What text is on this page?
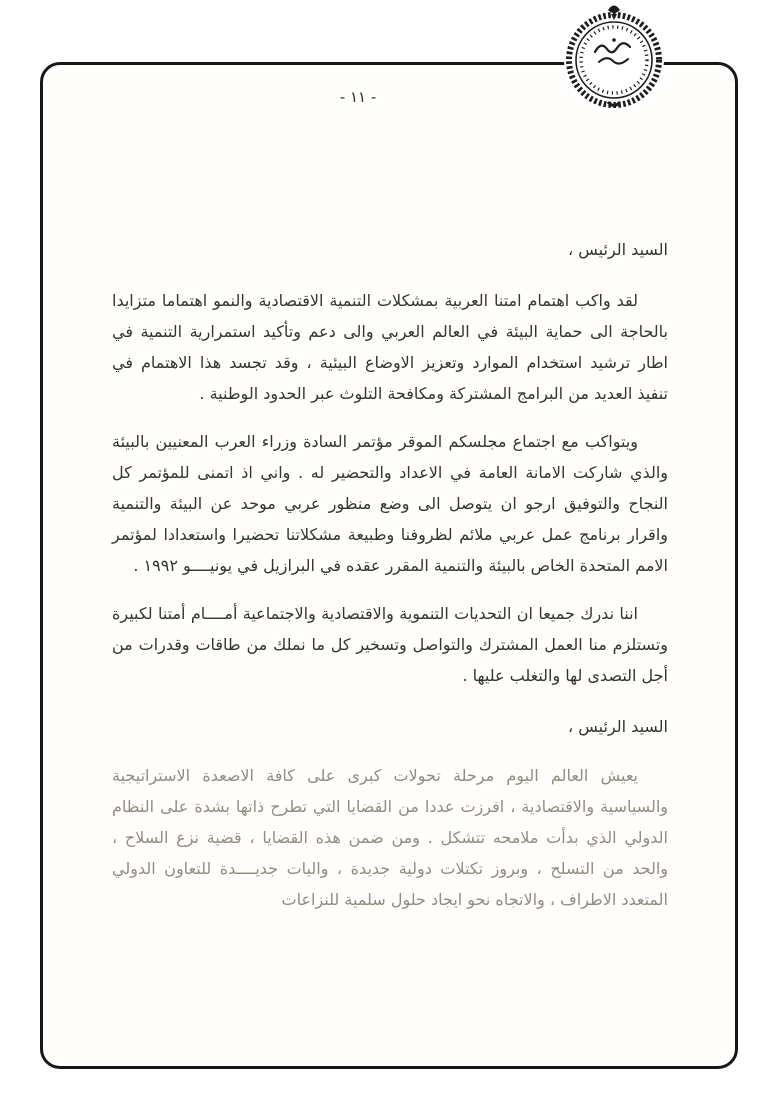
- ١١ -

السيد الرئيس ،

لقد واكب اهتمام امتنا العربية بمشكلات التنمية الاقتصادية والنمو اهتماما متزايدا بالحاجة الى حماية البيئة في العالم العربي والى دعم وتأكيد استمرارية التنمية في اطار ترشيد استخدام الموارد وتعزيز الاوضاع البيئية ، وقد تجسد هذا الاهتمام في تنفيذ العديد من البرامج المشتركة ومكافحة التلوث عبر الحدود الوطنية .

ويتواكب مع اجتماع مجلسكم الموقر مؤتمر السادة وزراء العرب المعنيين بالبيئة والذي شاركت الامانة العامة في الاعداد والتحضير له . واني اذ اتمنى للمؤتمر كل النجاح والتوفيق ارجو ان يتوصل الى وضع منظور عربي موحد عن البيئة والتنمية واقرار برنامج عمل عربي ملائم لظروفنا وطبيعة مشكلاتنا تحضيرا واستعدادا لمؤتمر الامم المتحدة الخاص بالبيئة والتنمية المقرر عقده في البرازيل في يونيــــو ١٩٩٢ .

اننا ندرك جميعا ان التحديات التنموية والاقتصادية والاجتماعية أمــــام أمتنا لكبيرة وتستلزم منا العمل المشترك والتواصل وتسخير كل ما نملك من طاقات وقدرات من أجل التصدى لها والتغلب عليها .

السيد الرئيس ،

يعيش العالم اليوم مرحلة تحولات كبرى على كافة الاصعدة الاستراتيجية والسياسية والاقتصادية ، افرزت عددا من القضايا التي تطرح ذاتها بشدة على النظام الدولي الذي بدأت ملامحه تتشكل . ومن ضمن هذه القضايا ، قضية نزع السلاح ، والحد من التسلح ، وبروز تكتلات دولية جديدة ، واليات جديــــدة للتعاون الدولي المتعدد الاطراف ، والاتجاه نحو ايجاد حلول سلمية للنزاعات
